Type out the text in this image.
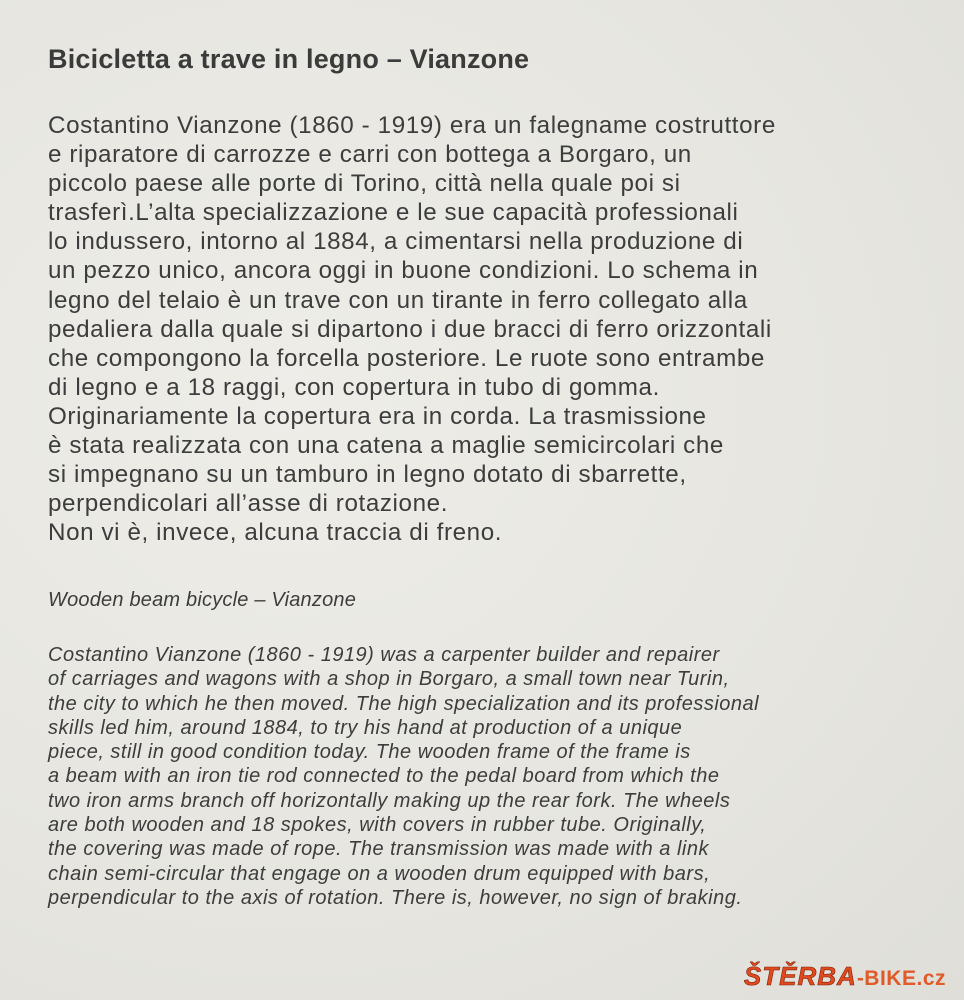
Bicicletta a trave in legno – Vianzone
Costantino Vianzone (1860 - 1919) era un falegname costruttore
e riparatore di carrozze e carri con bottega a Borgaro, un
piccolo paese alle porte di Torino, città nella quale poi si
trasferì.L’alta specializzazione e le sue capacità professionali
lo indussero, intorno al 1884, a cimentarsi nella produzione di
un pezzo unico, ancora oggi in buone condizioni. Lo schema in
legno del telaio è un trave con un tirante in ferro collegato alla
pedaliera dalla quale si dipartono i due bracci di ferro orizzontali
che compongono la forcella posteriore. Le ruote sono entrambe
di legno e a 18 raggi, con copertura in tubo di gomma.
Originariamente la copertura era in corda. La trasmissione
è stata realizzata con una catena a maglie semicircolari che
si impegnano su un tamburo in legno dotato di sbarrette,
perpendicolari all’asse di rotazione.
Non vi è, invece, alcuna traccia di freno.
Wooden beam bicycle – Vianzone
Costantino Vianzone (1860 - 1919) was a carpenter builder and repairer
of carriages and wagons with a shop in Borgaro, a small town near Turin,
the city to which he then moved. The high specialization and its professional
skills led him, around 1884, to try his hand at production of a unique
piece, still in good condition today. The wooden frame of the frame is
a beam with an iron tie rod connected to the pedal board from which the
two iron arms branch off horizontally making up the rear fork. The wheels
are both wooden and 18 spokes, with covers in rubber tube. Originally,
the covering was made of rope. The transmission was made with a link
chain semi-circular that engage on a wooden drum equipped with bars,
perpendicular to the axis of rotation. There is, however, no sign of braking.
ŠTĚRBA -BIKE.cz
